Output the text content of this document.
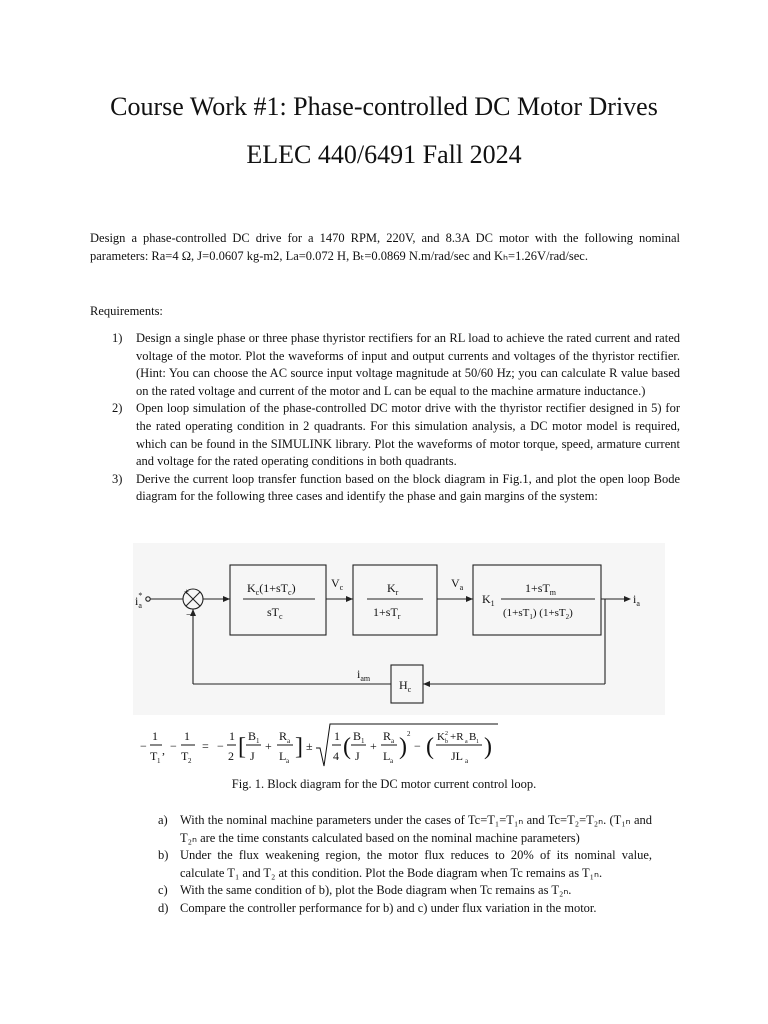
Course Work #1: Phase-controlled DC Motor Drives
ELEC 440/6491 Fall 2024
Design a phase-controlled DC drive for a 1470 RPM, 220V, and 8.3A DC motor with the following nominal parameters: Ra=4 Ω, J=0.0607 kg-m2, La=0.072 H, Bₜ=0.0869 N.m/rad/sec and Kₕ=1.26V/rad/sec.
Requirements:
1) Design a single phase or three phase thyristor rectifiers for an RL load to achieve the rated current and rated voltage of the motor. Plot the waveforms of input and output currents and voltages of the thyristor rectifier. (Hint: You can choose the AC source input voltage magnitude at 50/60 Hz; you can calculate R value based on the rated voltage and current of the motor and L can be equal to the machine armature inductance.)
2) Open loop simulation of the phase-controlled DC motor drive with the thyristor rectifier designed in 5) for the rated operating condition in 2 quadrants. For this simulation analysis, a DC motor model is required, which can be found in the SIMULINK library. Plot the waveforms of motor torque, speed, armature current and voltage for the rated operating conditions in both quadrants.
3) Derive the current loop transfer function based on the block diagram in Fig.1, and plot the open loop Bode diagram for the following three cases and identify the phase and gain margins of the system:
i* a
+
−
$K_c(1+sT_c)$
$sT_c$
$V_c$	$K_r$
$1+sT_r$
$V_a$
$K_1$
$1+sT_m$
$(1+sT_1)$ $(1+sT_2)$
$i_a$
$i_{am}$ $H_c$
−
1
T 1
, −
1
T 2
= −
1
2 [ B 1
J
+
R a
L a
] ±
1
4 ( B 1
J
+
R a
L a
) 2
− ( K 2
b +R a B 1
JL a
)
Fig. 1. Block diagram for the DC motor current control loop.
a) With the nominal machine parameters under the cases of Tc=T₁=T₁ₙ and Tc=T₂=T₂ₙ. (T₁ₙ and T₂ₙ are the time constants calculated based on the nominal machine parameters)
b) Under the flux weakening region, the motor flux reduces to 20% of its nominal value, calculate T₁ and T₂ at this condition. Plot the Bode diagram when Tc remains as T₁ₙ.
c) With the same condition of b), plot the Bode diagram when Tc remains as T₂ₙ.
d) Compare the controller performance for b) and c) under flux variation in the motor.
